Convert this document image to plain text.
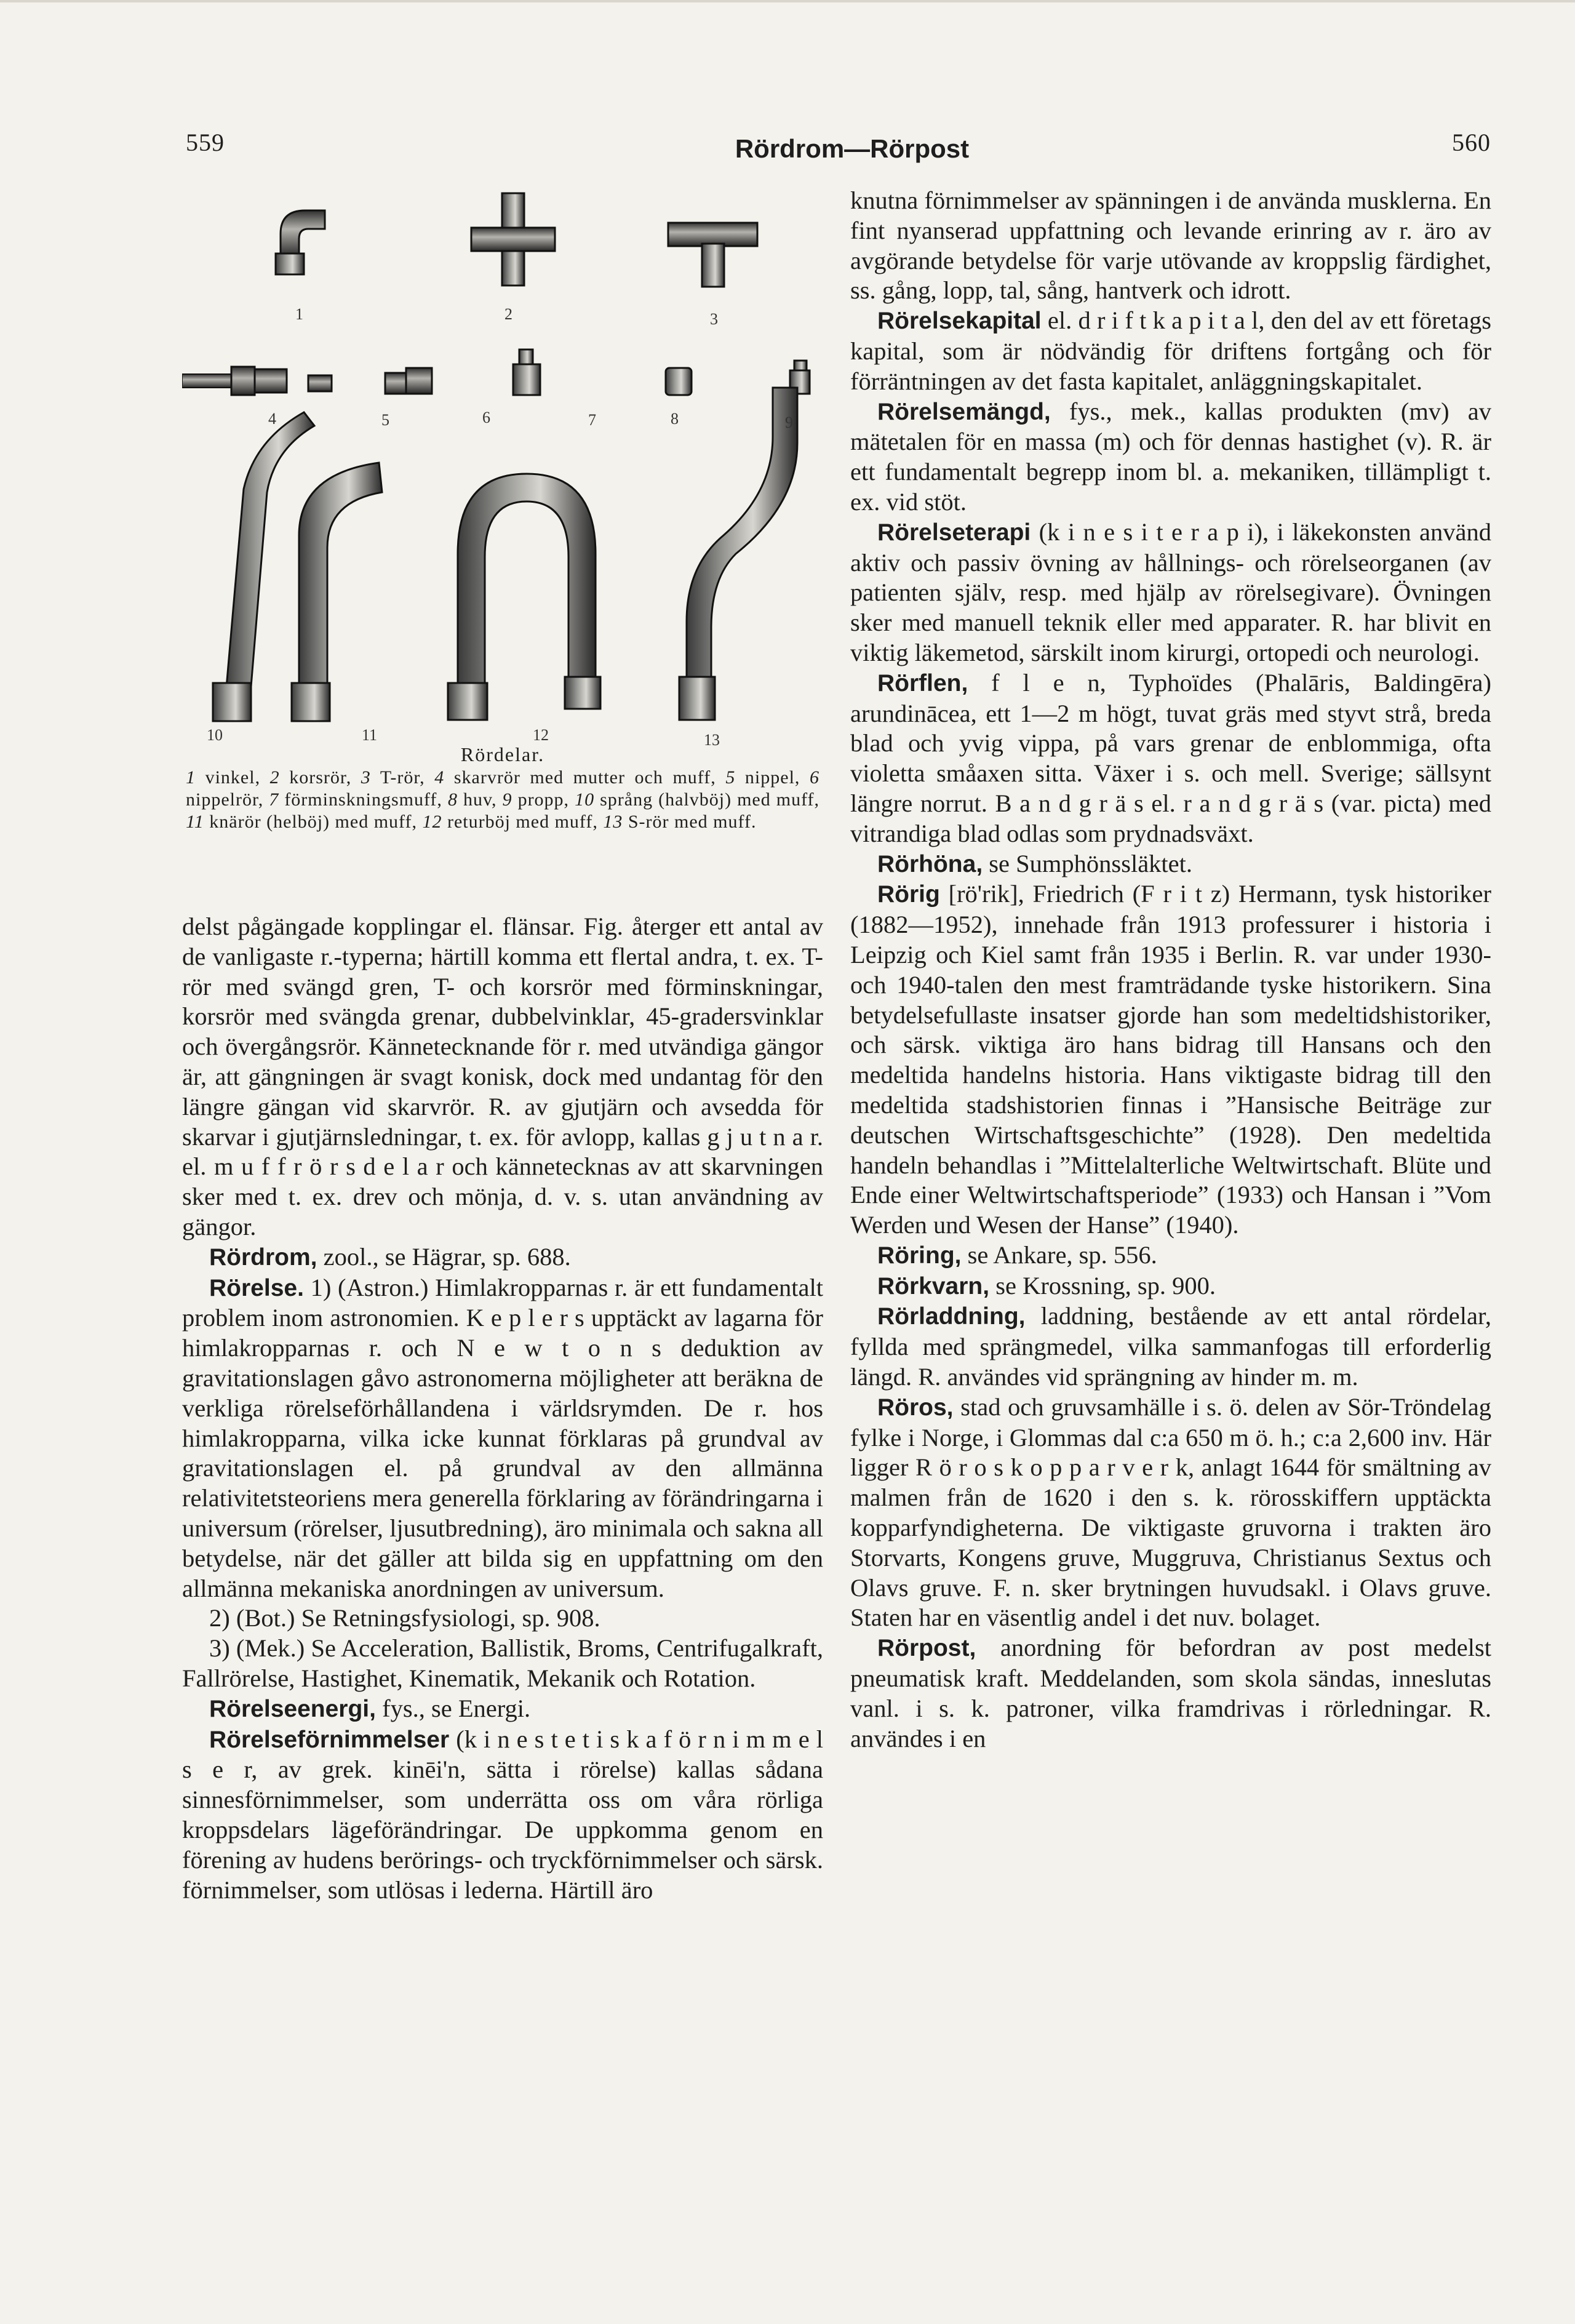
559	Rördrom—Rörpost	560
1	2	3
4	5	6	7	8	9
10	11	12	13
Rördelar.
1 vinkel, 2 korsrör, 3 T-rör, 4 skarvrör med mutter och muff, 5 nippel, 6 nippelrör, 7 förminskningsmuff, 8 huv, 9 propp, 10 språng (halvböj) med muff, 11 knärör (helböj) med muff, 12 returböj med muff, 13 S-rör med muff.

delst pågängade kopplingar el. flänsar. Fig. återger ett antal av de vanligaste r.-typerna; härtill komma ett flertal andra, t. ex. T-rör med svängd gren, T- och korsrör med förminskningar, korsrör med svängda grenar, dubbelvinklar, 45-gradersvinklar och övergångsrör. Kännetecknande för r. med utvändiga gängor är, att gängningen är svagt konisk, dock med undantag för den längre gängan vid skarvrör. R. av gjutjärn och avsedda för skarvar i gjutjärnsledningar, t. ex. för avlopp, kallas g j u t n a r. el. m u f f r ö r s d e l a r och kännetecknas av att skarvningen sker med t. ex. drev och mönja, d. v. s. utan användning av gängor.

Rördrom, zool., se Hägrar, sp. 688.

Rörelse. 1) (Astron.) Himlakropparnas r. är ett fundamentalt problem inom astronomien. K e p l e r s upptäckt av lagarna för himlakropparnas r. och N e w t o n s deduktion av gravitationslagen gåvo astronomerna möjligheter att beräkna de verkliga rörelseförhållandena i världsrymden. De r. hos himlakropparna, vilka icke kunnat förklaras på grundval av gravitationslagen el. på grundval av den allmänna relativitetsteoriens mera generella förklaring av förändringarna i universum (rörelser, ljusutbredning), äro minimala och sakna all betydelse, när det gäller att bilda sig en uppfattning om den allmänna mekaniska anordningen av universum.

2) (Bot.) Se Retningsfysiologi, sp. 908.

3) (Mek.) Se Acceleration, Ballistik, Broms, Centrifugalkraft, Fallrörelse, Hastighet, Kinematik, Mekanik och Rotation.

Rörelseenergi, fys., se Energi.

Rörelseförnimmelser (k i n e s t e t i s k a f ö r n i m m e l s e r, av grek. kinēi'n, sätta i rörelse) kallas sådana sinnesförnimmelser, som underrätta oss om våra rörliga kroppsdelars lägeförändringar. De uppkomma genom en förening av hudens berörings- och tryckförnimmelser och särsk. förnimmelser, som utlösas i lederna. Härtill äro

knutna förnimmelser av spänningen i de använda musklerna. En fint nyanserad uppfattning och levande erinring av r. äro av avgörande betydelse för varje utövande av kroppslig färdighet, ss. gång, lopp, tal, sång, hantverk och idrott.

Rörelsekapital el. d r i f t k a p i t a l, den del av ett företags kapital, som är nödvändig för driftens fortgång och för förräntningen av det fasta kapitalet, anläggningskapitalet.

Rörelsemängd, fys., mek., kallas produkten (mv) av mätetalen för en massa (m) och för dennas hastighet (v). R. är ett fundamentalt begrepp inom bl. a. mekaniken, tillämpligt t. ex. vid stöt.

Rörelseterapi (k i n e s i t e r a p i), i läkekonsten använd aktiv och passiv övning av hållnings- och rörelseorganen (av patienten själv, resp. med hjälp av rörelsegivare). Övningen sker med manuell teknik eller med apparater. R. har blivit en viktig läkemetod, särskilt inom kirurgi, ortopedi och neurologi.

Rörflen, f l e n, Typhoïdes (Phalāris, Baldingēra) arundinācea, ett 1—2 m högt, tuvat gräs med styvt strå, breda blad och yvig vippa, på vars grenar de enblommiga, ofta violetta småaxen sitta. Växer i s. och mell. Sverige; sällsynt längre norrut. B a n d g r ä s el. r a n d g r ä s (var. picta) med vitrandiga blad odlas som prydnadsväxt.

Rörhöna, se Sumphönssläktet.

Rörig [rö'rik], Friedrich (F r i t z) Hermann, tysk historiker (1882—1952), innehade från 1913 professurer i historia i Leipzig och Kiel samt från 1935 i Berlin. R. var under 1930- och 1940-talen den mest framträdande tyske historikern. Sina betydelsefullaste insatser gjorde han som medeltidshistoriker, och särsk. viktiga äro hans bidrag till Hansans och den medeltida handelns historia. Hans viktigaste bidrag till den medeltida stadshistorien finnas i ”Hansische Beiträge zur deutschen Wirtschaftsgeschichte” (1928). Den medeltida handeln behandlas i ”Mittelalterliche Weltwirtschaft. Blüte und Ende einer Weltwirtschaftsperiode” (1933) och Hansan i ”Vom Werden und Wesen der Hanse” (1940).

Röring, se Ankare, sp. 556.

Rörkvarn, se Krossning, sp. 900.

Rörladdning, laddning, bestående av ett antal rördelar, fyllda med sprängmedel, vilka sammanfogas till erforderlig längd. R. användes vid sprängning av hinder m. m.

Röros, stad och gruvsamhälle i s. ö. delen av Sör-Tröndelag fylke i Norge, i Glommas dal c:a 650 m ö. h.; c:a 2,600 inv. Här ligger R ö r o s k o p p a r v e r k, anlagt 1644 för smältning av malmen från de 1620 i den s. k. rörosskiffern upptäckta kopparfyndigheterna. De viktigaste gruvorna i trakten äro Storvarts, Kongens gruve, Muggruva, Christianus Sextus och Olavs gruve. F. n. sker brytningen huvudsakl. i Olavs gruve. Staten har en väsentlig andel i det nuv. bolaget.

Rörpost, anordning för befordran av post medelst pneumatisk kraft. Meddelanden, som skola sändas, inneslutas vanl. i s. k. patroner, vilka framdrivas i rörledningar. R. användes i en
